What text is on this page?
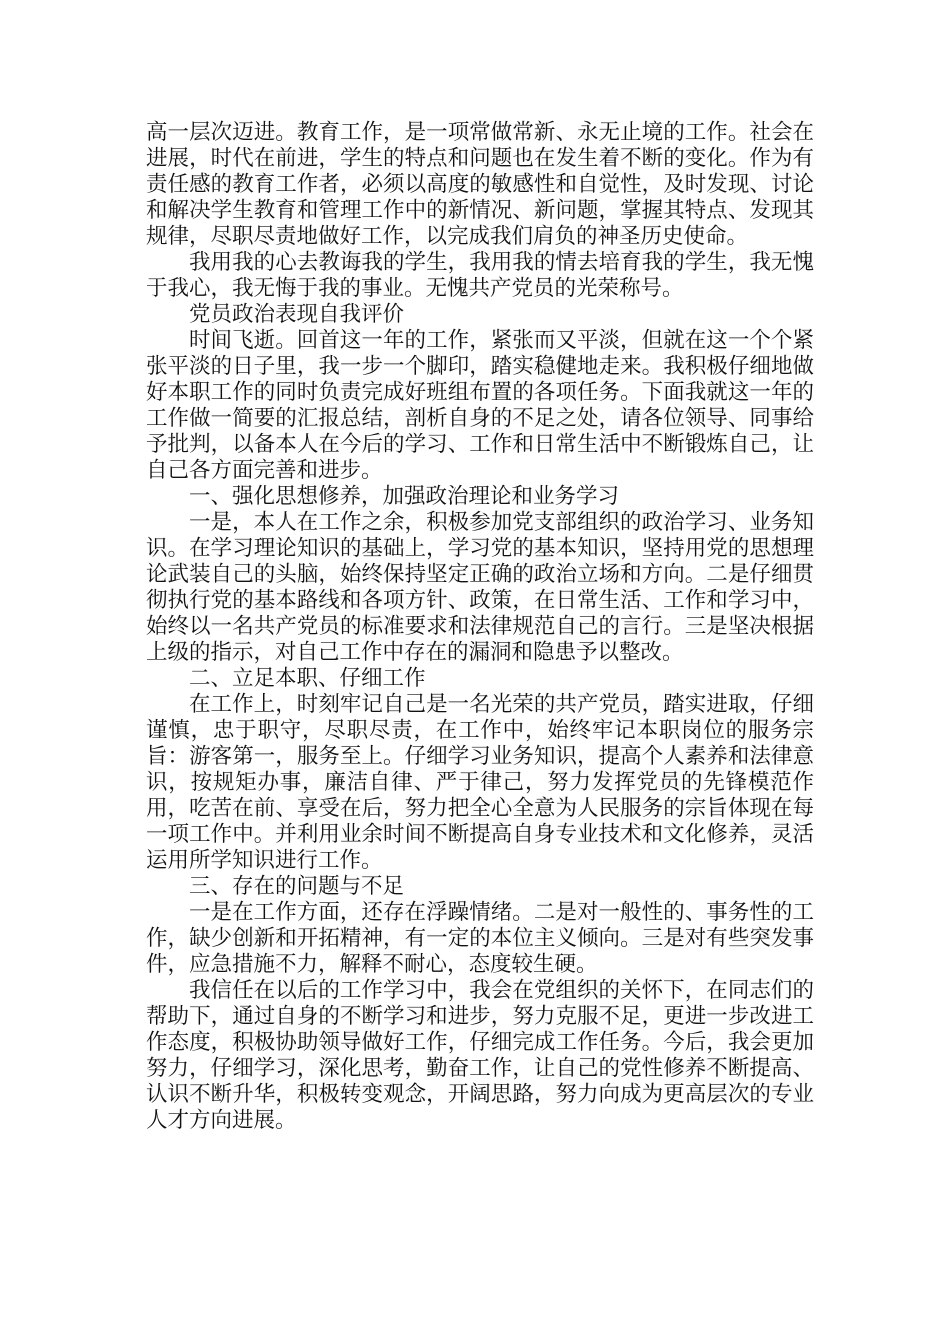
高一层次迈进。教育工作，是一项常做常新、永无止境的工作。社会在进展，时代在前进，学生的特点和问题也在发生着不断的变化。作为有责任感的教育工作者，必须以高度的敏感性和自觉性，及时发现、讨论和解决学生教育和管理工作中的新情况、新问题，掌握其特点、发现其规律，尽职尽责地做好工作，以完成我们肩负的神圣历史使命。

我用我的心去教诲我的学生，我用我的情去培育我的学生，我无愧于我心，我无悔于我的事业。无愧共产党员的光荣称号。

党员政治表现自我评价

时间飞逝。回首这一年的工作，紧张而又平淡，但就在这一个个紧张平淡的日子里，我一步一个脚印，踏实稳健地走来。我积极仔细地做好本职工作的同时负责完成好班组布置的各项任务。下面我就这一年的工作做一简要的汇报总结，剖析自身的不足之处，请各位领导、同事给予批判，以备本人在今后的学习、工作和日常生活中不断锻炼自己，让自己各方面完善和进步。

一、强化思想修养，加强政治理论和业务学习

一是，本人在工作之余，积极参加党支部组织的政治学习、业务知识。在学习理论知识的基础上，学习党的基本知识，坚持用党的思想理论武装自己的头脑，始终保持坚定正确的政治立场和方向。二是仔细贯彻执行党的基本路线和各项方针、政策，在日常生活、工作和学习中，始终以一名共产党员的标准要求和法律规范自己的言行。三是坚决根据上级的指示，对自己工作中存在的漏洞和隐患予以整改。

二、立足本职、仔细工作

在工作上，时刻牢记自己是一名光荣的共产党员，踏实进取，仔细谨慎，忠于职守，尽职尽责，在工作中，始终牢记本职岗位的服务宗旨：游客第一，服务至上。仔细学习业务知识，提高个人素养和法律意识，按规矩办事，廉洁自律、严于律己，努力发挥党员的先锋模范作用，吃苦在前、享受在后，努力把全心全意为人民服务的宗旨体现在每一项工作中。并利用业余时间不断提高自身专业技术和文化修养，灵活运用所学知识进行工作。

三、存在的问题与不足

一是在工作方面，还存在浮躁情绪。二是对一般性的、事务性的工作，缺少创新和开拓精神，有一定的本位主义倾向。三是对有些突发事件，应急措施不力，解释不耐心，态度较生硬。

我信任在以后的工作学习中，我会在党组织的关怀下，在同志们的帮助下，通过自身的不断学习和进步，努力克服不足，更进一步改进工作态度，积极协助领导做好工作，仔细完成工作任务。今后，我会更加努力，仔细学习，深化思考，勤奋工作，让自己的党性修养不断提高、认识不断升华，积极转变观念，开阔思路，努力向成为更高层次的专业人才方向进展。
